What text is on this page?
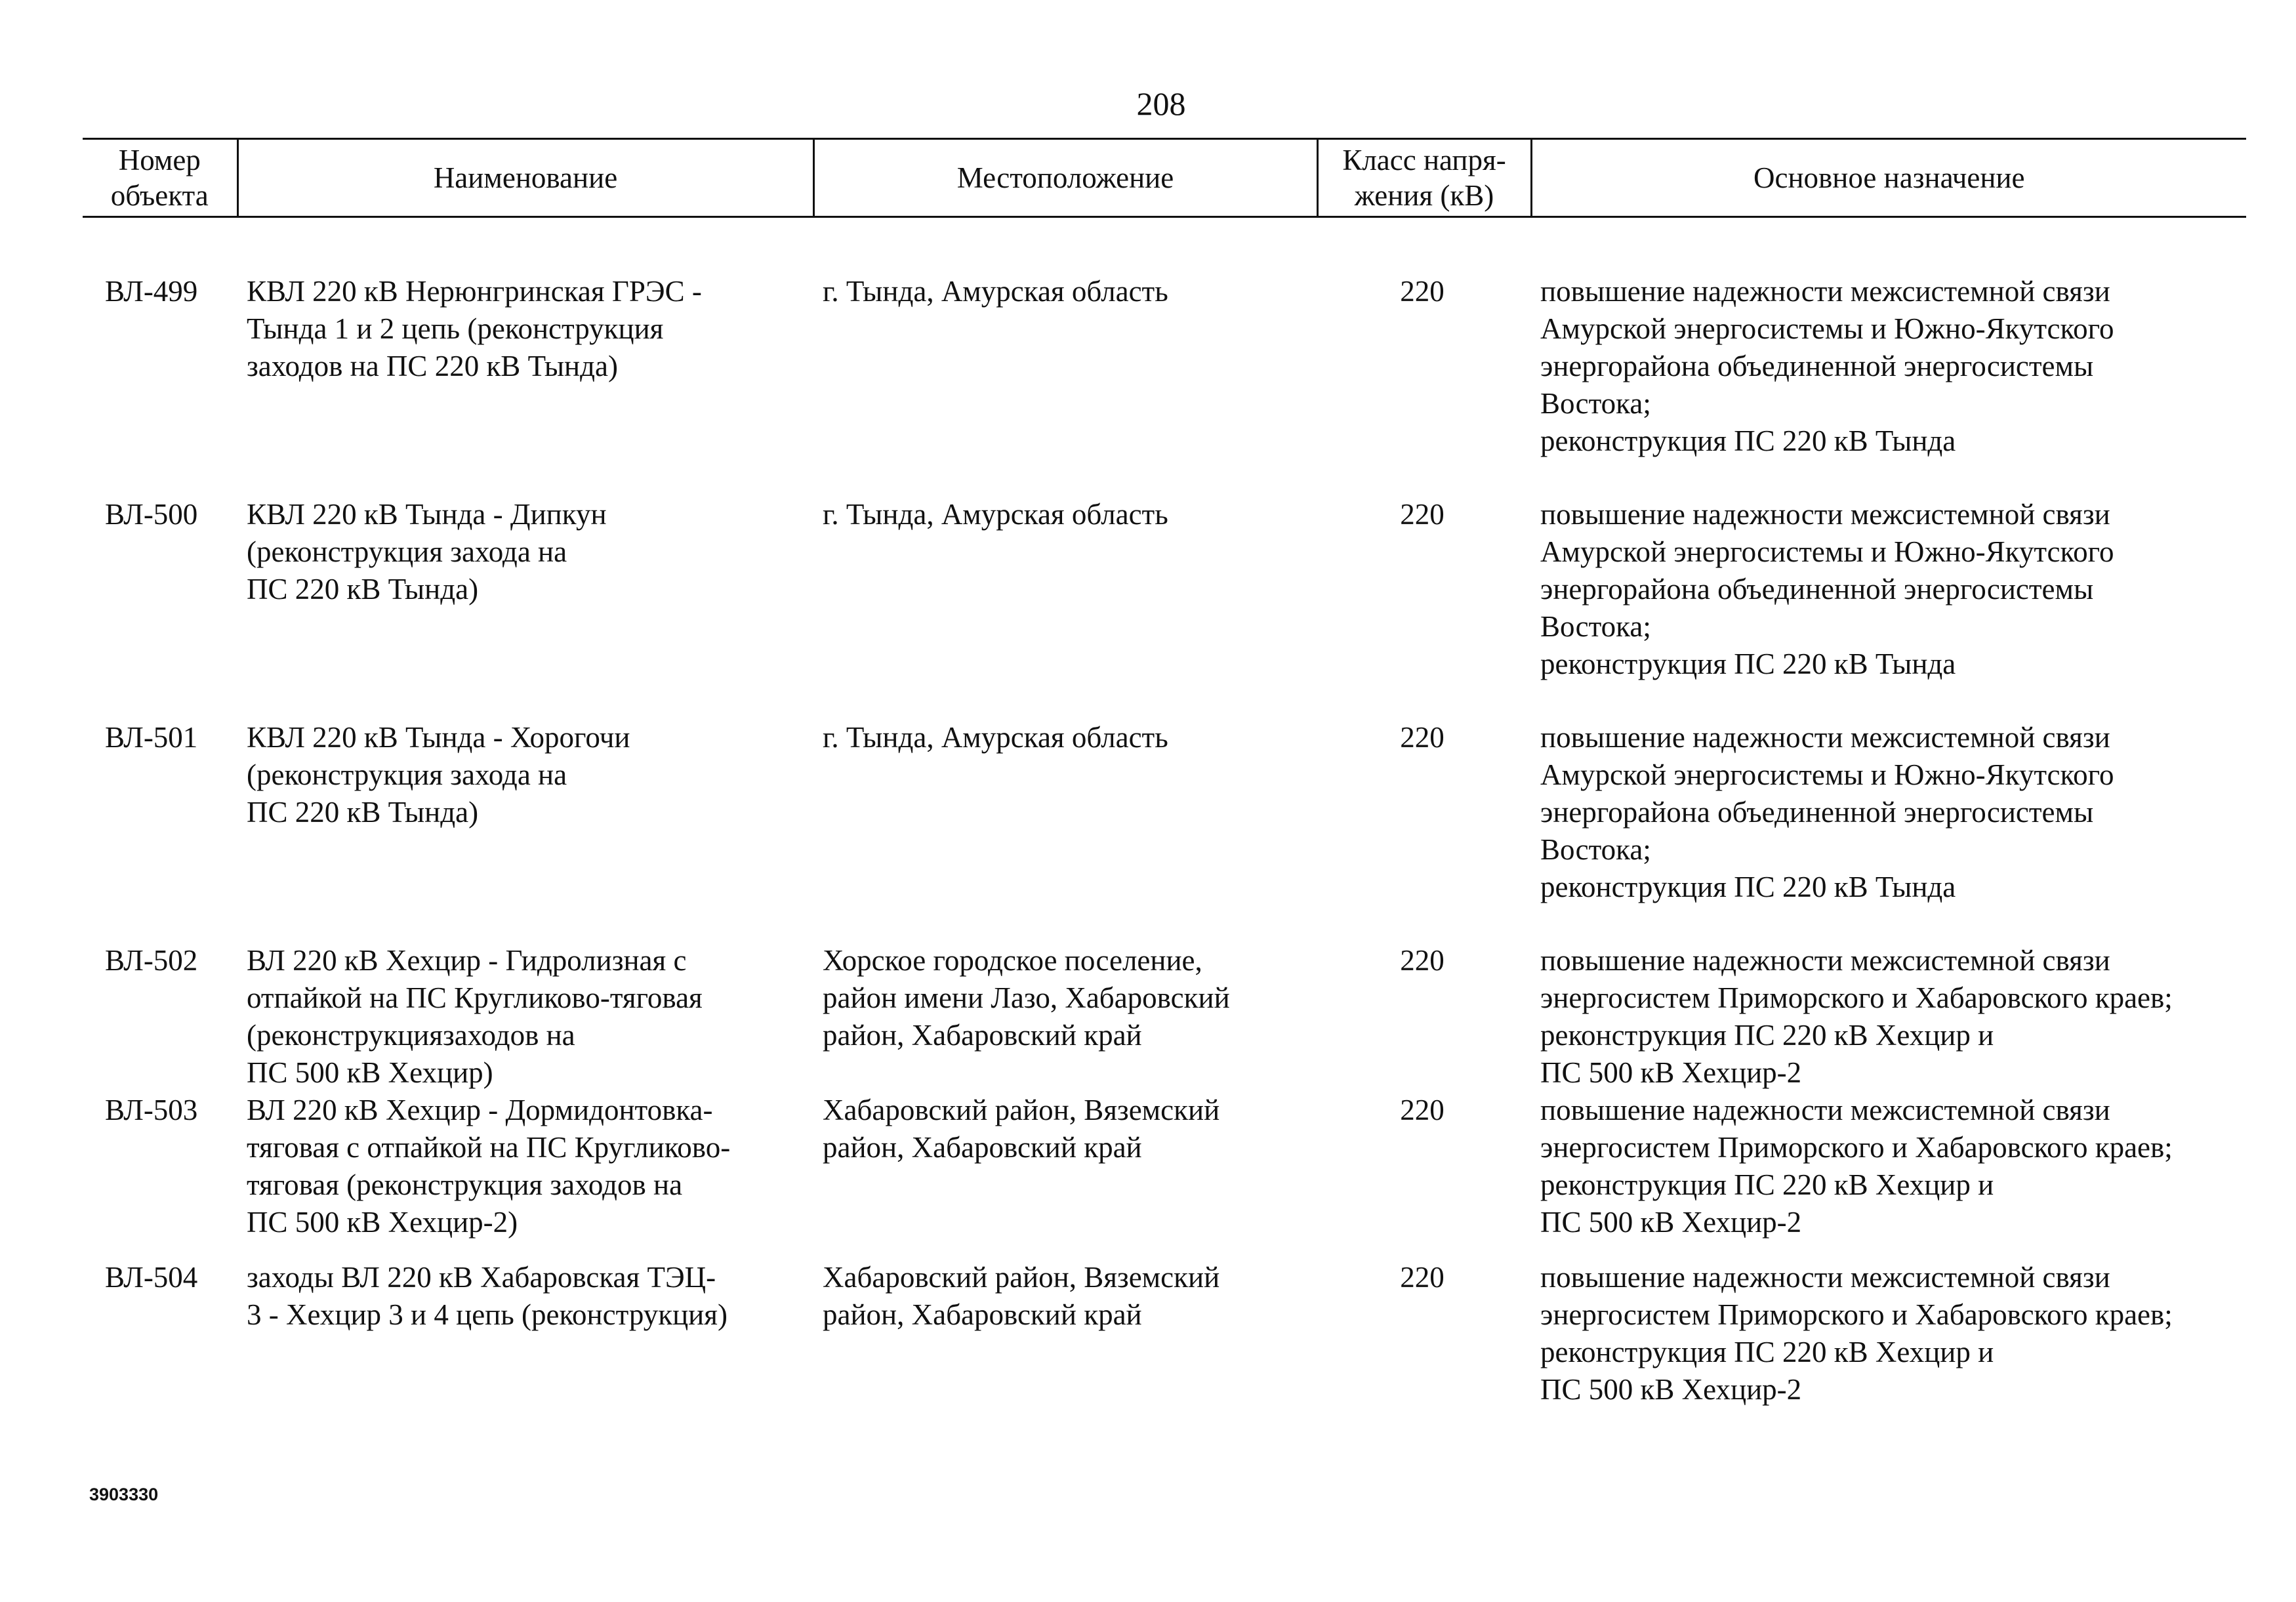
208
Номер
объекта	Наименование	Местоположение	Класс напря-
жения (кВ)	Основное назначение

ВЛ-499	КВЛ 220 кВ Нерюнгринская ГРЭС -
Тында 1 и 2 цепь (реконструкция
заходов на ПС 220 кВ Тында)	г. Тында, Амурская область	220	повышение надежности межсистемной связи
Амурской энергосистемы и Южно-Якутского
энергорайона объединенной энергосистемы
Востока;
реконструкция ПС 220 кВ Тында

ВЛ-500	КВЛ 220 кВ Тында - Дипкун
(реконструкция захода на
ПС 220 кВ Тында)	г. Тында, Амурская область	220	повышение надежности межсистемной связи
Амурской энергосистемы и Южно-Якутского
энергорайона объединенной энергосистемы
Востока;
реконструкция ПС 220 кВ Тында

ВЛ-501	КВЛ 220 кВ Тында - Хорогочи
(реконструкция захода на
ПС 220 кВ Тында)	г. Тында, Амурская область	220	повышение надежности межсистемной связи
Амурской энергосистемы и Южно-Якутского
энергорайона объединенной энергосистемы
Востока;
реконструкция ПС 220 кВ Тында

ВЛ-502	ВЛ 220 кВ Хехцир - Гидролизная с
отпайкой на ПС Кругликово-тяговая
(реконструкциязаходов на
ПС 500 кВ Хехцир)	Хорское городское поселение,
район имени Лазо, Хабаровский
район, Хабаровский край	220	повышение надежности межсистемной связи
энергосистем Приморского и Хабаровского краев;
реконструкция ПС 220 кВ Хехцир и
ПС 500 кВ Хехцир-2

ВЛ-503	ВЛ 220 кВ Хехцир - Дормидонтовка-
тяговая с отпайкой на ПС Кругликово-
тяговая (реконструкция заходов на
ПС 500 кВ Хехцир-2)	Хабаровский район, Вяземский
район, Хабаровский край	220	повышение надежности межсистемной связи
энергосистем Приморского и Хабаровского краев;
реконструкция ПС 220 кВ Хехцир и
ПС 500 кВ Хехцир-2

ВЛ-504	заходы ВЛ 220 кВ Хабаровская ТЭЦ-
3 - Хехцир 3 и 4 цепь (реконструкция)	Хабаровский район, Вяземский
район, Хабаровский край	220	повышение надежности межсистемной связи
энергосистем Приморского и Хабаровского краев;
реконструкция ПС 220 кВ Хехцир и
ПС 500 кВ Хехцир-2
3903330
